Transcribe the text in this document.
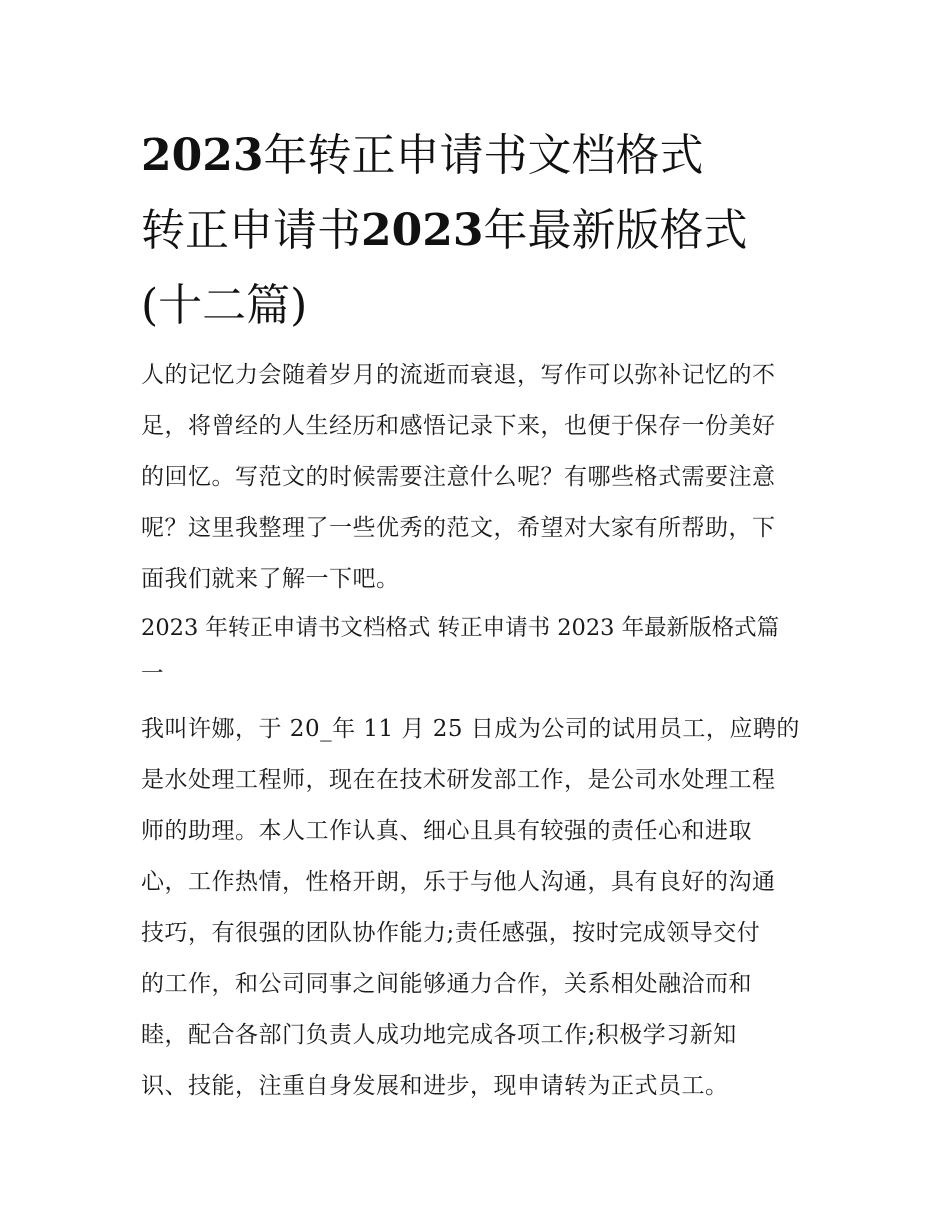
2023年转正申请书文档格式
转正申请书2023年最新版格式
(十二篇)

人的记忆力会随着岁月的流逝而衰退，写作可以弥补记忆的不
足，将曾经的人生经历和感悟记录下来，也便于保存一份美好
的回忆。写范文的时候需要注意什么呢？有哪些格式需要注意
呢？这里我整理了一些优秀的范文，希望对大家有所帮助，下
面我们就来了解一下吧。

2023 年转正申请书文档格式 转正申请书 2023 年最新版格式篇
一

我叫许娜，于 20_年 11 月 25 日成为公司的试用员工，应聘的
是水处理工程师，现在在技术研发部工作，是公司水处理工程
师的助理。本人工作认真、细心且具有较强的责任心和进取
心，工作热情，性格开朗，乐于与他人沟通，具有良好的沟通
技巧，有很强的团队协作能力;责任感强，按时完成领导交付
的工作，和公司同事之间能够通力合作，关系相处融洽而和
睦，配合各部门负责人成功地完成各项工作;积极学习新知
识、技能，注重自身发展和进步，现申请转为正式员工。
